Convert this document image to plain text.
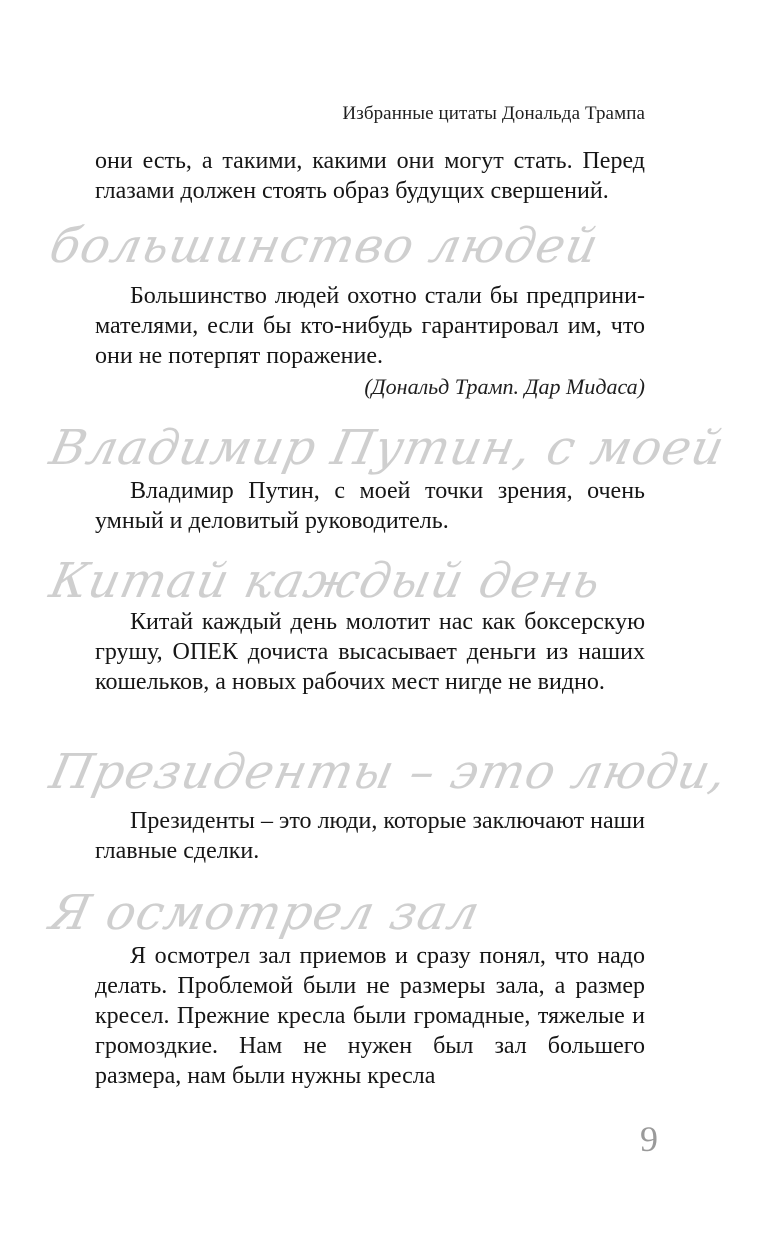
Избранные цитаты Дональда Трампа

они есть, а такими, какими они могут стать. Перед глазами должен стоять образ будущих свершений.

большинство людей

Большинство людей охотно стали бы предпринимателями, если бы кто-нибудь гарантировал им, что они не потерпят поражение.

(Дональд Трамп. Дар Мидаса)
Владимир Путин, с моей

Владимир Путин, с моей точки зрения, очень умный и деловитый руководитель.

Китай каждый день

Китай каждый день молотит нас как боксерскую грушу, ОПЕК дочиста высасывает деньги из наших кошельков, а новых рабочих мест нигде не видно.

Президенты – это люди,

Президенты – это люди, которые заключают наши главные сделки.

Я осмотрел зал

Я осмотрел зал приемов и сразу понял, что надо делать. Проблемой были не размеры зала, а размер кресел. Прежние кресла были громадные, тяжелые и громоздкие. Нам не нужен был зал большего размера, нам были нужны кресла

9
